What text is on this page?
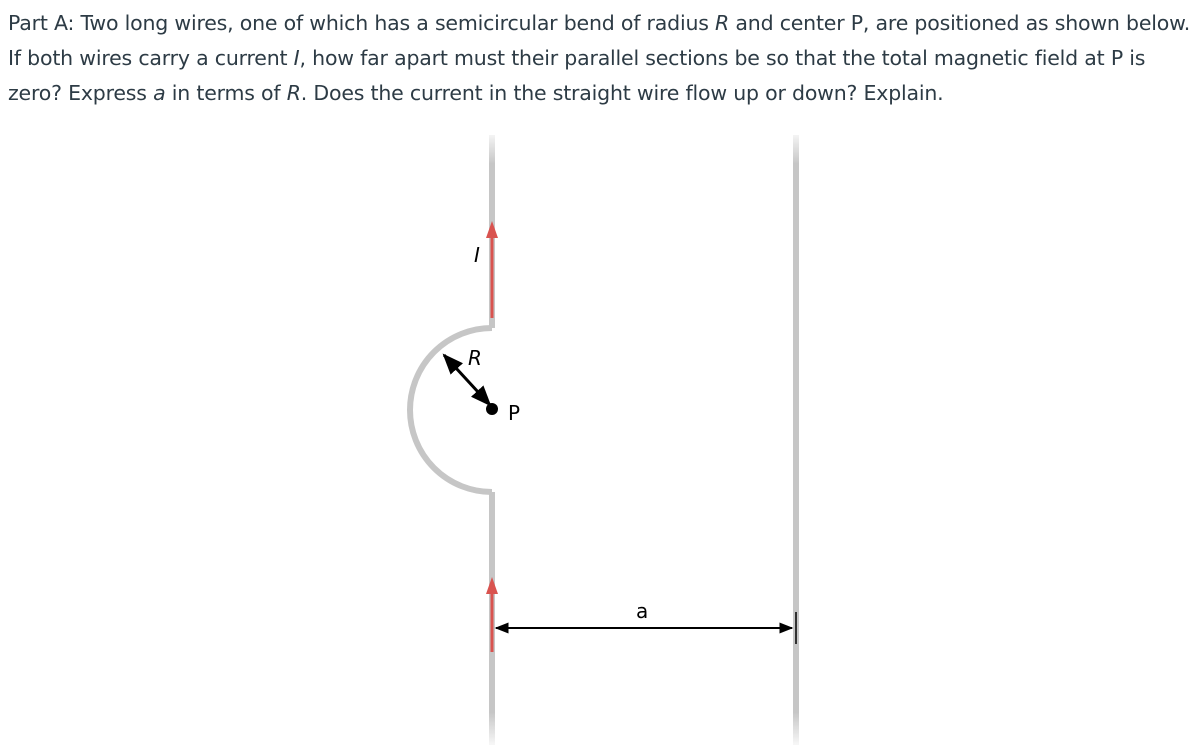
Part A: Two long wires, one of which has a semicircular bend of radius R and center P, are positioned as shown below. If both wires carry a current I, how far apart must their parallel sections be so that the total magnetic field at P is zero? Express a in terms of R. Does the current in the straight wire flow up or down? Explain.

I
R
P
a
